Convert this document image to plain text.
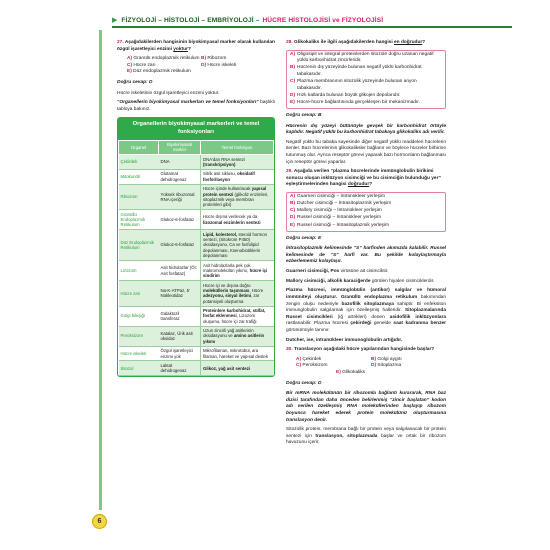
▶ FİZYOLOJİ – HİSTOLOJİ – EMBRİYOLOJİ – HÜCRE HİSTOLOJİSİ ve FİZYOLOJİSİ
27. Aşağıdakilerden hangisinin biyokimyasal marker olarak kullanılan özgül işaretleyici enzimi yoktur?
A) Granülü endoplazmik retikulum B) Ribozom
C) Hücre zarı	D) Hücre iskeleti
E) Düz endoplazmik retikulum
Doğru cevap: D
Hücre iskeletinin özgül işaretleyici enzimi yoktur.
“Organellerin biyokimyasal markerları ve temel fonksiyonları” başlıklı tabloya bakınız.
Organellerin biyokimyasal markerleri ve temel fonksiyonları
Organel	Biyokimyasal marker	Temel fonksiyon
Çekirdek	DNA	DNA'dan RNA sentezi
(transkripsiyon)
Mitokondri	Glutamat dehidrogenaz	Sitrik asit siklusu, oksidatif fosforilasyon
Ribozom	Yüksek ribozomal RNA içeriği	Hücre içinde kullanılacak yapısal protein sentezi (glikoliz enzimleri, sitoplazmik veya membran proteinleri gibi)
Granüllü Endoplazmik Retikulum	Glukoz-6-fosfataz	Hücre dışına verilecek ya da lizozomal enzimlerin sentezi
Düz Endoplazmik Retikulum	Glukoz-6-fosfataz	Lipid, kolesterol, steroid hormon sentezi, (Sitokrom P450) oksidasyonu, Ca ve fosfolipid depolanması, Ksenobiotiklerin depolanması
Lizozom	Asit hidrolazlar (Ör: Asit fosfataz)	Asit hidrolazlarla pek çok makromolekülün yıkımı, hücre içi sindirim
Hücre zarı	Na-K-ATPaz, 5' Nükleotidaz	Hücre içi ve dışına doğru moleküllerin taşınması, Hücre adezyonu, sinyal iletimi, zar potansiyeli oluşturma
Golgi bileşiği	Galaktozil transferaz	Proteinlere karbohidrat, sülfat, fosfat eklenmesi, Lizozom oluşumu, hücre içi zar trafiği
Peroksizom	Katalaz, Ürik asit oksidaz	Uzun zincirli yağ asitlerinin oksidasyonu ve amino asitlerin yıkımı
Hücre iskeleti	Özgül işaretleyici enzimi yok	Mikrofilaman, mikrotübül, ara filaman, hareket ve yapısal destek
Sitozol	Laktat dehidrogenaz	Glikoz, yağ asit sentezi
28. Glikokaliks ile ilgili aşağıdakilerden hangisi en doğrudur?
A) Oligosipit ve integral proteinlerden sitozole doğru uzanan negatif yüklü karbonhidrat zincirleridir.
B) Hücrenin dış yüzeyinde bulunan negatif yüklü karbonhidrat tabakasıdır.
C) Plazma membranının sitozolik yüzeyinde bulunan anyon tabakasıdır.
D) Hızlı katlarda bulunan büyük glikojen depolarıdır.
E) Hücre-hücre bağlantısında gerçekleşen bir mekanizmadır.
Doğru cevap: B
Hücrenin dış yüzeyi bütünüyle gevşek bir karbonhidrat örtüyle kaplıdır. Negatif yüklü bu karbonhidrat tabakaya glikokaliks adı verilir.
Negatif yüklü bu tabaka sayesinde diğer negatif yüklü maddeleri hücrelerin itenler. Bazı hücrelerinin glikokaliksler bağlanır ve böylece hücreler birbirine tutunmuş olur. Ayrıca reseptör görevi yaparak bazı hormonların bağlanması için reseptör görevi yaparlar.
29. Aşağıda verilen “plazma hücrelerinde immünglobulin birikimi sonucu oluşan inklüzyon cisimciği ve bu cisimciğin bulunduğu yer” eşleştirmelerinden hangisi doğrudur?
A) Guarneri cisimciği – İntranükleer yerleşim
B) Dutcher cisimciği – İntrasitoplazmik yerleşim
C) Mallory cisimciği – İntranükleer yerleşim
D) Russel cisimciği – İntranükleer yerleşim
E) Russel cisimciği – İntrasitoplazmik yerleşim
Doğru cevap: E
İntrasitoplazmik kelimesinde “S” harfinden akımızda kalabilir. Russel kelimesinde de “S” harfi var. Bu şekilde kolaylaştırmayla ezberlememiz kolaylaşır.
Guarneri cisimciği, Pox virüsüne ait cisimciktir.
Mallory cisimciği, alkolik karaciğerde görülen hiyalen cisimciklerdir.
Plazma hücresi, immünglobülin (antikor) salgılar ve hümoral immüniteyi oluşturur. Granüllü endoplazma retikulum bakımından zengin oluşu nedeniyle bazofilik sitoplazmaya sahiptir. Bi enfeksiton immunglobulin salgılarnak için özelleşmiş halleridir. Sitoplazmalarında Russel cisimcikleri (iğ artrikleri) denen asidofilik inklüzyonlara rastlanabilir. Plazma hücresi çekirdeği genelde saat kadranına benzer görünümüyle tanınır.
Dutcher, ise, intranükleer immunoglobulin artığıdır.
30. Translasyon aşağıdaki hücre yapılarından hangisinde başlar?
A) Çekirdek	B) Golgi aygıtı
C) Peroksizom	D) Sitoplazma
E) Glikokaliks
Doğru cevap: D
Bir mRNA molekülünün bir ribozomla bağlantı kurararak, RNA baz dizisi tarafından daha önceden belirlenmiş “zincir başlatan” kodon adı verilen özelleşmiş RNA moleküllerinden başlayıp ribozom boyunca hareket ederek protein molekülünü oluşturmasına translasyon denir.
Sitozolik protein, membrana bağlı bir protein veya salgılanacak bir protein sentezi için translasyon, sitoplazmada başlar ve ortak bir ribozom havuzunu içerir.
6
